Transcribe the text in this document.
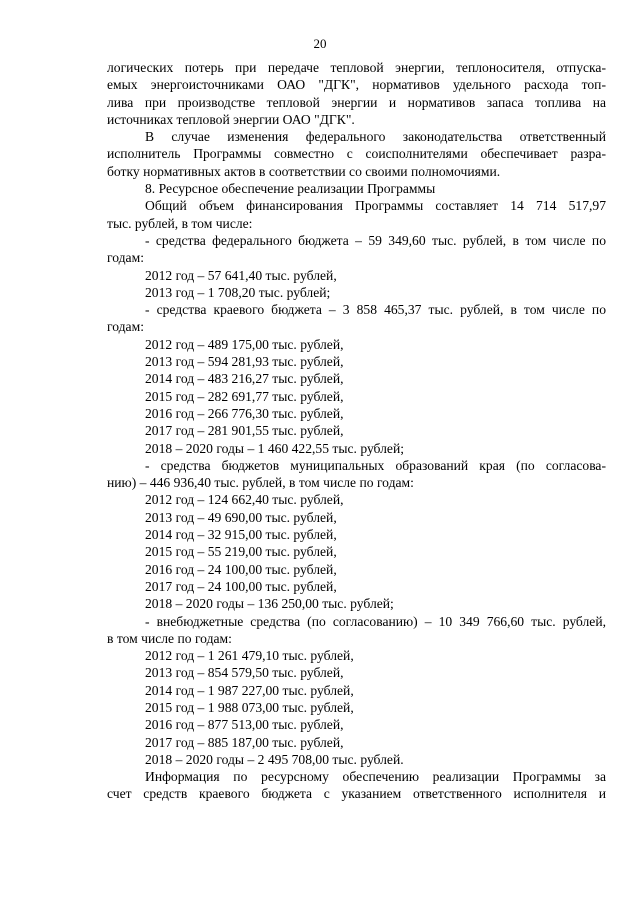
20
логических потерь при передаче тепловой энергии, теплоносителя, отпуска-
емых энергоисточниками ОАО "ДГК", нормативов удельного расхода топ-
лива при производстве тепловой энергии и нормативов запаса топлива на
источниках тепловой энергии ОАО "ДГК".
В случае изменения федерального законодательства ответственный
исполнитель Программы совместно с соисполнителями обеспечивает разра-
ботку нормативных актов в соответствии со своими полномочиями.
8. Ресурсное обеспечение реализации Программы
Общий объем финансирования Программы составляет 14 714 517,97
тыс. рублей, в том числе:
- средства федерального бюджета – 59 349,60 тыс. рублей, в том числе по
годам:
2012 год – 57 641,40 тыс. рублей,
2013 год – 1 708,20 тыс. рублей;
- средства краевого бюджета – 3 858 465,37 тыс. рублей, в том числе по
годам:
2012 год – 489 175,00 тыс. рублей,
2013 год – 594 281,93 тыс. рублей,
2014 год – 483 216,27 тыс. рублей,
2015 год – 282 691,77 тыс. рублей,
2016 год – 266 776,30 тыс. рублей,
2017 год – 281 901,55 тыс. рублей,
2018 – 2020 годы – 1 460 422,55 тыс. рублей;
- средства бюджетов муниципальных образований края (по согласова-
нию) – 446 936,40 тыс. рублей, в том числе по годам:
2012 год – 124 662,40 тыс. рублей,
2013 год – 49 690,00 тыс. рублей,
2014 год – 32 915,00 тыс. рублей,
2015 год – 55 219,00 тыс. рублей,
2016 год – 24 100,00 тыс. рублей,
2017 год – 24 100,00 тыс. рублей,
2018 – 2020 годы – 136 250,00 тыс. рублей;
- внебюджетные средства (по согласованию) – 10 349 766,60 тыс. рублей,
в том числе по годам:
2012 год – 1 261 479,10 тыс. рублей,
2013 год – 854 579,50 тыс. рублей,
2014 год – 1 987 227,00 тыс. рублей,
2015 год – 1 988 073,00 тыс. рублей,
2016 год – 877 513,00 тыс. рублей,
2017 год – 885 187,00 тыс. рублей,
2018 – 2020 годы – 2 495 708,00 тыс. рублей.
Информация по ресурсному обеспечению реализации Программы за
счет средств краевого бюджета с указанием ответственного исполнителя и
